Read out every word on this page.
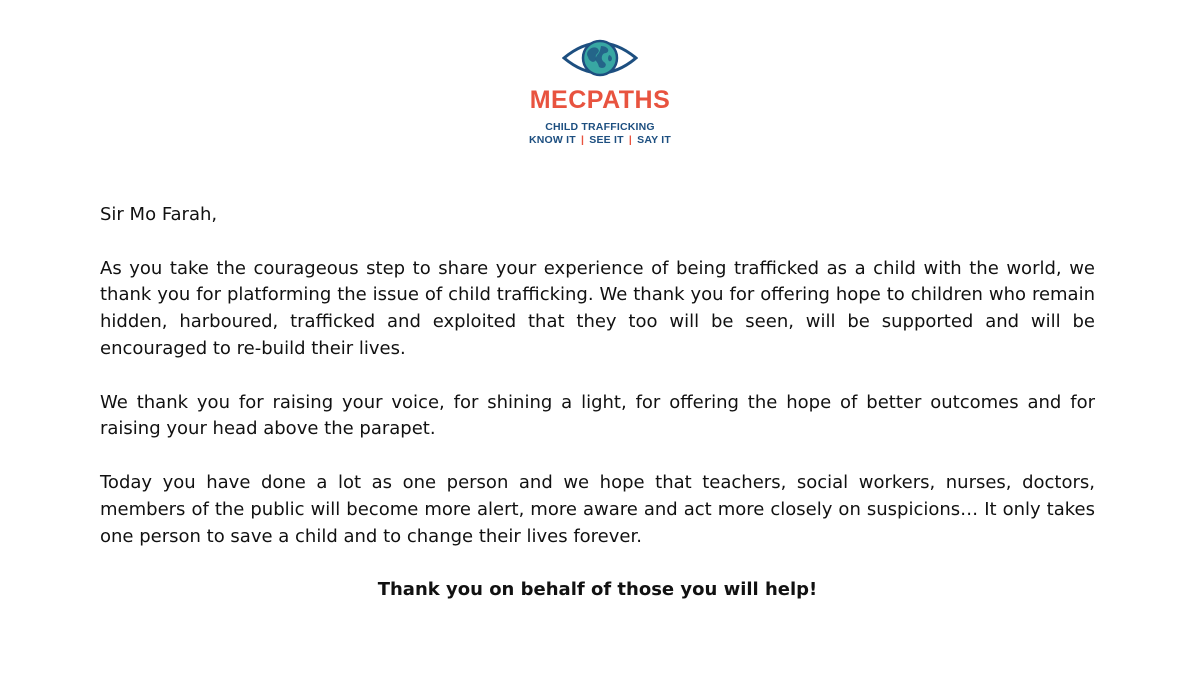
MECPATHS
CHILD TRAFFICKING
KNOW IT | SEE IT | SAY IT

Sir Mo Farah,

As you take the courageous step to share your experience of being trafficked as a child with the world, we thank you for platforming the issue of child trafficking. We thank you for offering hope to children who remain hidden, harboured, trafficked and exploited that they too will be seen, will be supported and will be encouraged to re-build their lives.

We thank you for raising your voice, for shining a light, for offering the hope of better outcomes and for raising your head above the parapet.

Today you have done a lot as one person and we hope that teachers, social workers, nurses, doctors, members of the public will become more alert, more aware and act more closely on suspicions… It only takes one person to save a child and to change their lives forever.

Thank you on behalf of those you will help!
